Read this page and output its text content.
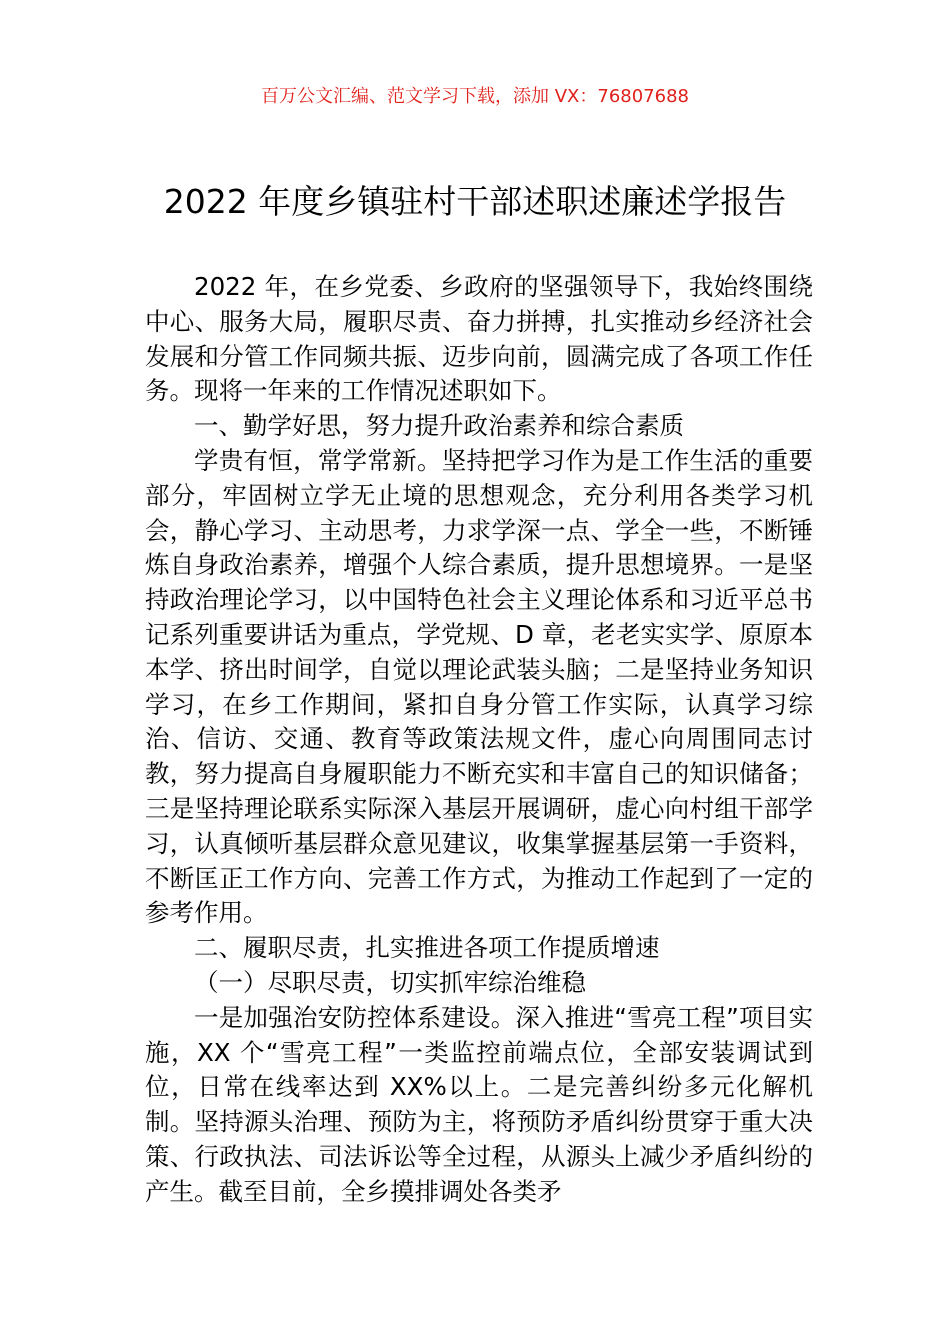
百万公文汇编、范文学习下载，添加 VX：76807688
2022 年度乡镇驻村干部述职述廉述学报告

2022 年，在乡党委、乡政府的坚强领导下，我始终围绕中心、服务大局，履职尽责、奋力拼搏，扎实推动乡经济社会发展和分管工作同频共振、迈步向前，圆满完成了各项工作任务。现将一年来的工作情况述职如下。

一、勤学好思，努力提升政治素养和综合素质

学贵有恒，常学常新。坚持把学习作为是工作生活的重要部分，牢固树立学无止境的思想观念，充分利用各类学习机会，静心学习、主动思考，力求学深一点、学全一些，不断锤炼自身政治素养，增强个人综合素质，提升思想境界。一是坚持政治理论学习，以中国特色社会主义理论体系和习近平总书记系列重要讲话为重点，学党规、D 章，老老实实学、原原本本学、挤出时间学，自觉以理论武装头脑；二是坚持业务知识学习，在乡工作期间，紧扣自身分管工作实际，认真学习综治、信访、交通、教育等政策法规文件，虚心向周围同志讨教，努力提高自身履职能力不断充实和丰富自己的知识储备；三是坚持理论联系实际深入基层开展调研，虚心向村组干部学习，认真倾听基层群众意见建议，收集掌握基层第一手资料，不断匡正工作方向、完善工作方式，为推动工作起到了一定的参考作用。

二、履职尽责，扎实推进各项工作提质增速

（一）尽职尽责，切实抓牢综治维稳

一是加强治安防控体系建设。深入推进“雪亮工程”项目实施，XX 个“雪亮工程”一类监控前端点位，全部安装调试到位，日常在线率达到 XX%以上。二是完善纠纷多元化解机制。坚持源头治理、预防为主，将预防矛盾纠纷贯穿于重大决策、行政执法、司法诉讼等全过程，从源头上减少矛盾纠纷的产生。截至目前，全乡摸排调处各类矛
